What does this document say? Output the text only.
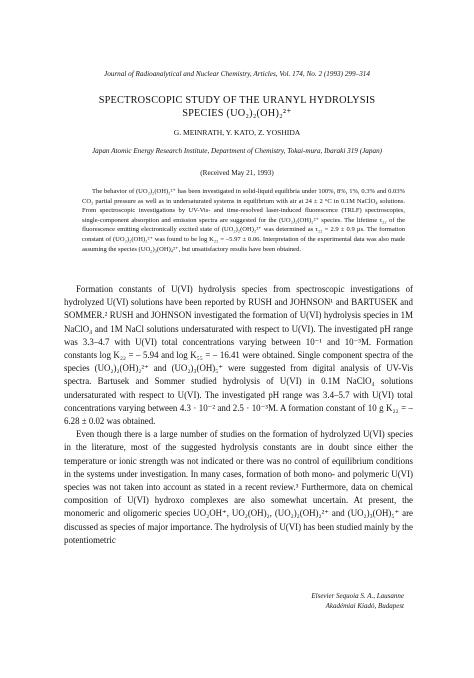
Journal of Radioanalytical and Nuclear Chemistry, Articles, Vol. 174, No. 2 (1993) 299–314
SPECTROSCOPIC STUDY OF THE URANYL HYDROLYSIS
SPECIES (UO₂)₂(OH)₂²⁺
G. MEINRATH, Y. KATO, Z. YOSHIDA
Japan Atomic Energy Research Institute, Department of Chemistry, Tokai-mura, Ibaraki 319 (Japan)
(Received May 21, 1993)

The behavior of (UO₂)₂(OH)₂²⁺ has been investigated in solid-liquid equilibria under 100%, 8%, 1%, 0.3% and 0.03% CO₂ partial pressure as well as in undersaturated systems in equilibrium with air at 24 ± 2 °C in 0.1M NaClO₄ solutions. From spectroscopic investigations by UV-Vis- and time-resolved laser-induced fluorescence (TRLF) spectroscopies, single-component absorption and emission spectra are suggested for the (UO₂)₂(OH)₂²⁺ species. The lifetime τ₂₂ of the fluorescence emitting electronically excited state of (UO₂)₂(OH)₂²⁺ was determined as τ₂₂ = 2.9 ± 0.9 µs. The formation constant of (UO₂)₂(OH)₂²⁺ was found to be log K₂₂ = –5.97 ± 0.06. Interpretation of the experimental data was also made assuming the species (UO₂)₃(OH)₄²⁺, but unsatisfactory results have been obtained.

Formation constants of U(VI) hydrolysis species from spectroscopic investigations of hydrolyzed U(VI) solutions have been reported by RUSH and JOHNSON¹ and BARTUSEK and SOMMER.² RUSH and JOHNSON investigated the formation of U(VI) hydrolysis species in 1M NaClO₄ and 1M NaCl solutions undersaturated with respect to U(VI). The investigated pH range was 3.3–4.7 with U(VI) total concentrations varying between 10⁻¹ and 10⁻³M. Formation constants log K₂₂ = – 5.94 and log K₅₅ = – 16.41 were obtained. Single component spectra of the species (UO₂)₂(OH)₂²⁺ and (UO₂)₃(OH)₅⁺ were suggested from digital analysis of UV-Vis spectra. Bartusek and Sommer studied hydrolysis of U(VI) in 0.1M NaClO₄ solutions undersaturated with respect to U(VI). The investigated pH range was 3.4–5.7 with U(VI) total concentrations varying between 4.3 · 10⁻² and 2.5 · 10⁻³M. A formation constant of 10 g K₂₂ = –6.28 ± 0.02 was obtained.

Even though there is a large number of studies on the formation of hydrolyzed U(VI) species in the literature, most of the suggested hydrolysis constants are in doubt since either the temperature or ionic strength was not indicated or there was no control of equilibrium conditions in the systems under investigation. In many cases, formation of both mono- and polymeric U(VI) species was not taken into account as stated in a recent review.³ Furthermore, data on chemical composition of U(VI) hydroxo complexes are also somewhat uncertain. At present, the monomeric and oligomeric species UO₂OH⁺, UO₂(OH)₂, (UO₂)₂(OH)₂²⁺ and (UO₂)₃(OH)₅⁺ are discussed as species of major importance. The hydrolysis of U(VI) has been studied mainly by the potentiometric

Elsevier Sequoia S. A., Lausanne
Akadémiai Kiadó, Budapest
